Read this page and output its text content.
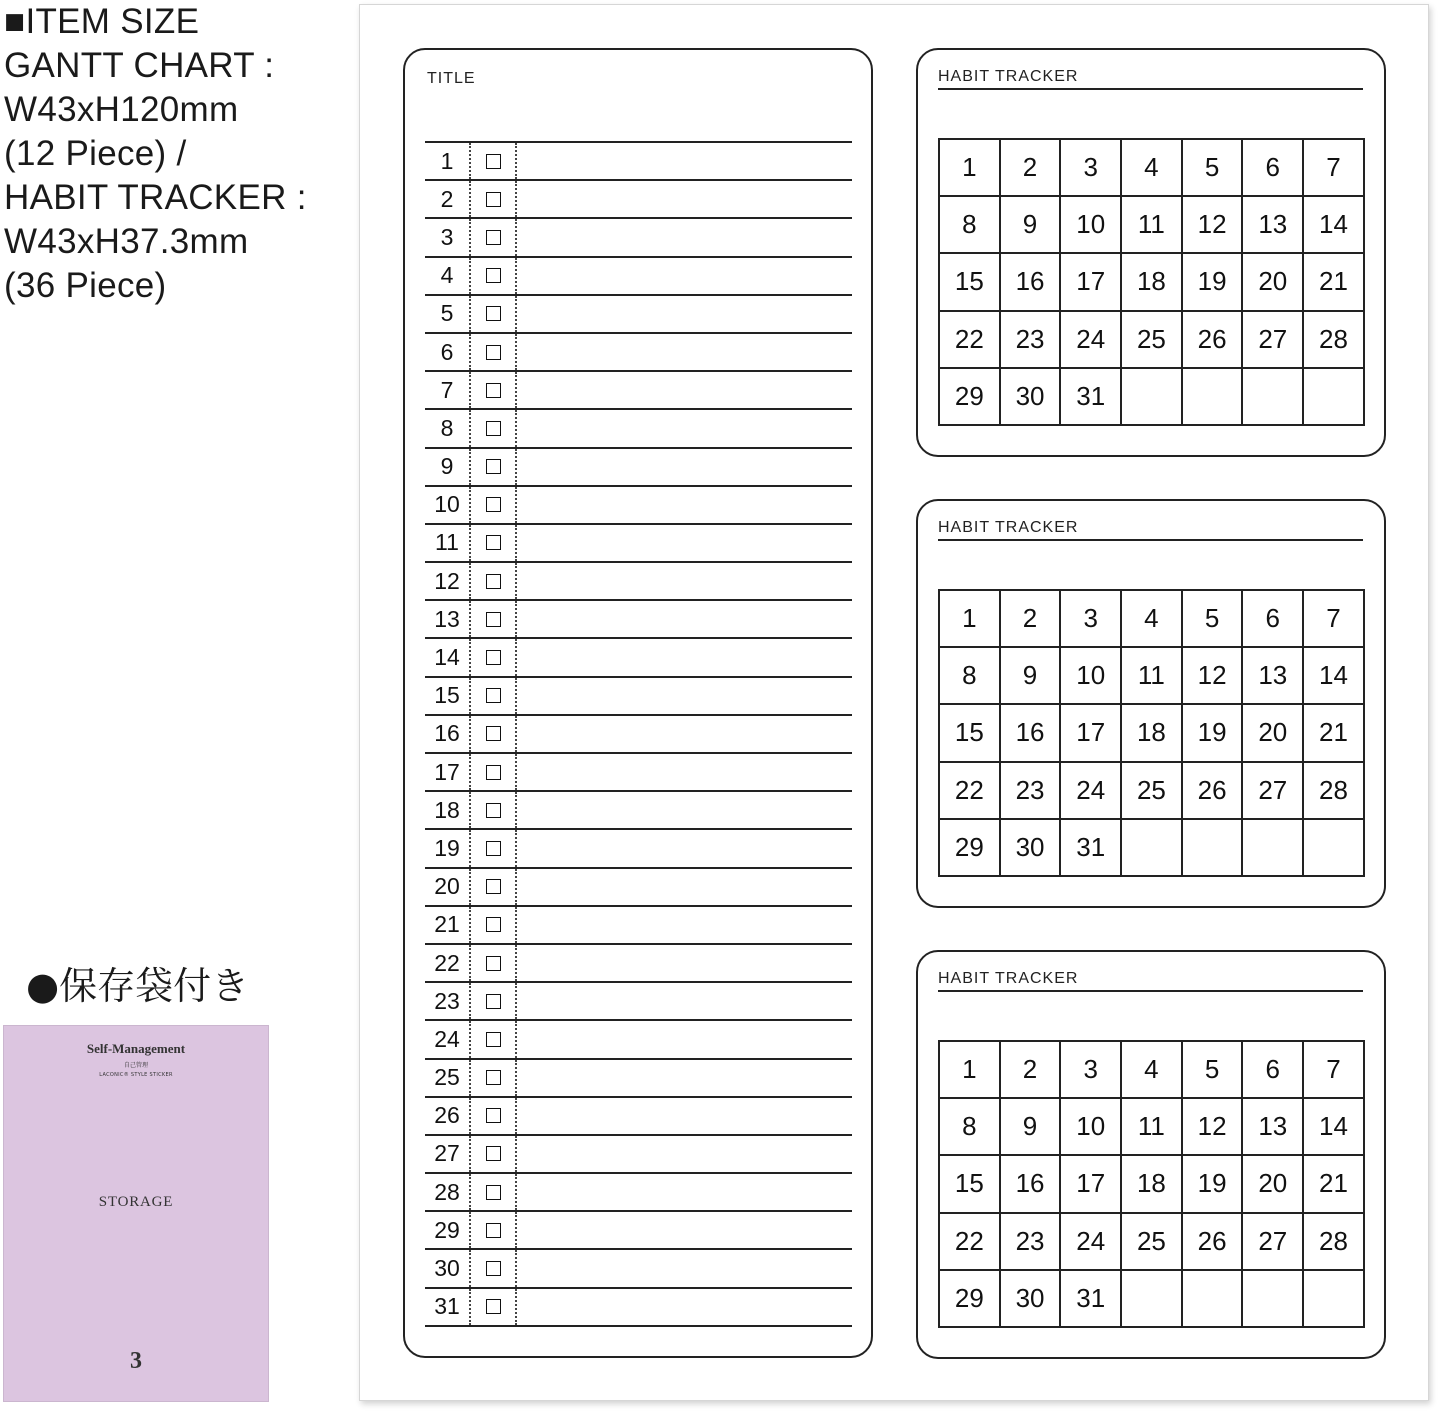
■ITEM SIZE
GANTT CHART :
W43xH120mm
(12 Piece) /
HABIT TRACKER :
W43xH37.3mm
(36 Piece)
●保存袋付き
Self-Management
自己管理
LACONIC® STYLE STICKER
STORAGE
3
TITLE
1
2
3
4
5
6
7
8
9
10
11
12
13
14
15
16
17
18
19
20
21
22
23
24
25
26
27
28
29
30
31
HABIT TRACKER
1	2	3	4	5	6	7
8	9	10	11	12	13	14
15	16	17	18	19	20	21
22	23	24	25	26	27	28
29	30	31
HABIT TRACKER
1	2	3	4	5	6	7
8	9	10	11	12	13	14
15	16	17	18	19	20	21
22	23	24	25	26	27	28
29	30	31
HABIT TRACKER
1	2	3	4	5	6	7
8	9	10	11	12	13	14
15	16	17	18	19	20	21
22	23	24	25	26	27	28
29	30	31
